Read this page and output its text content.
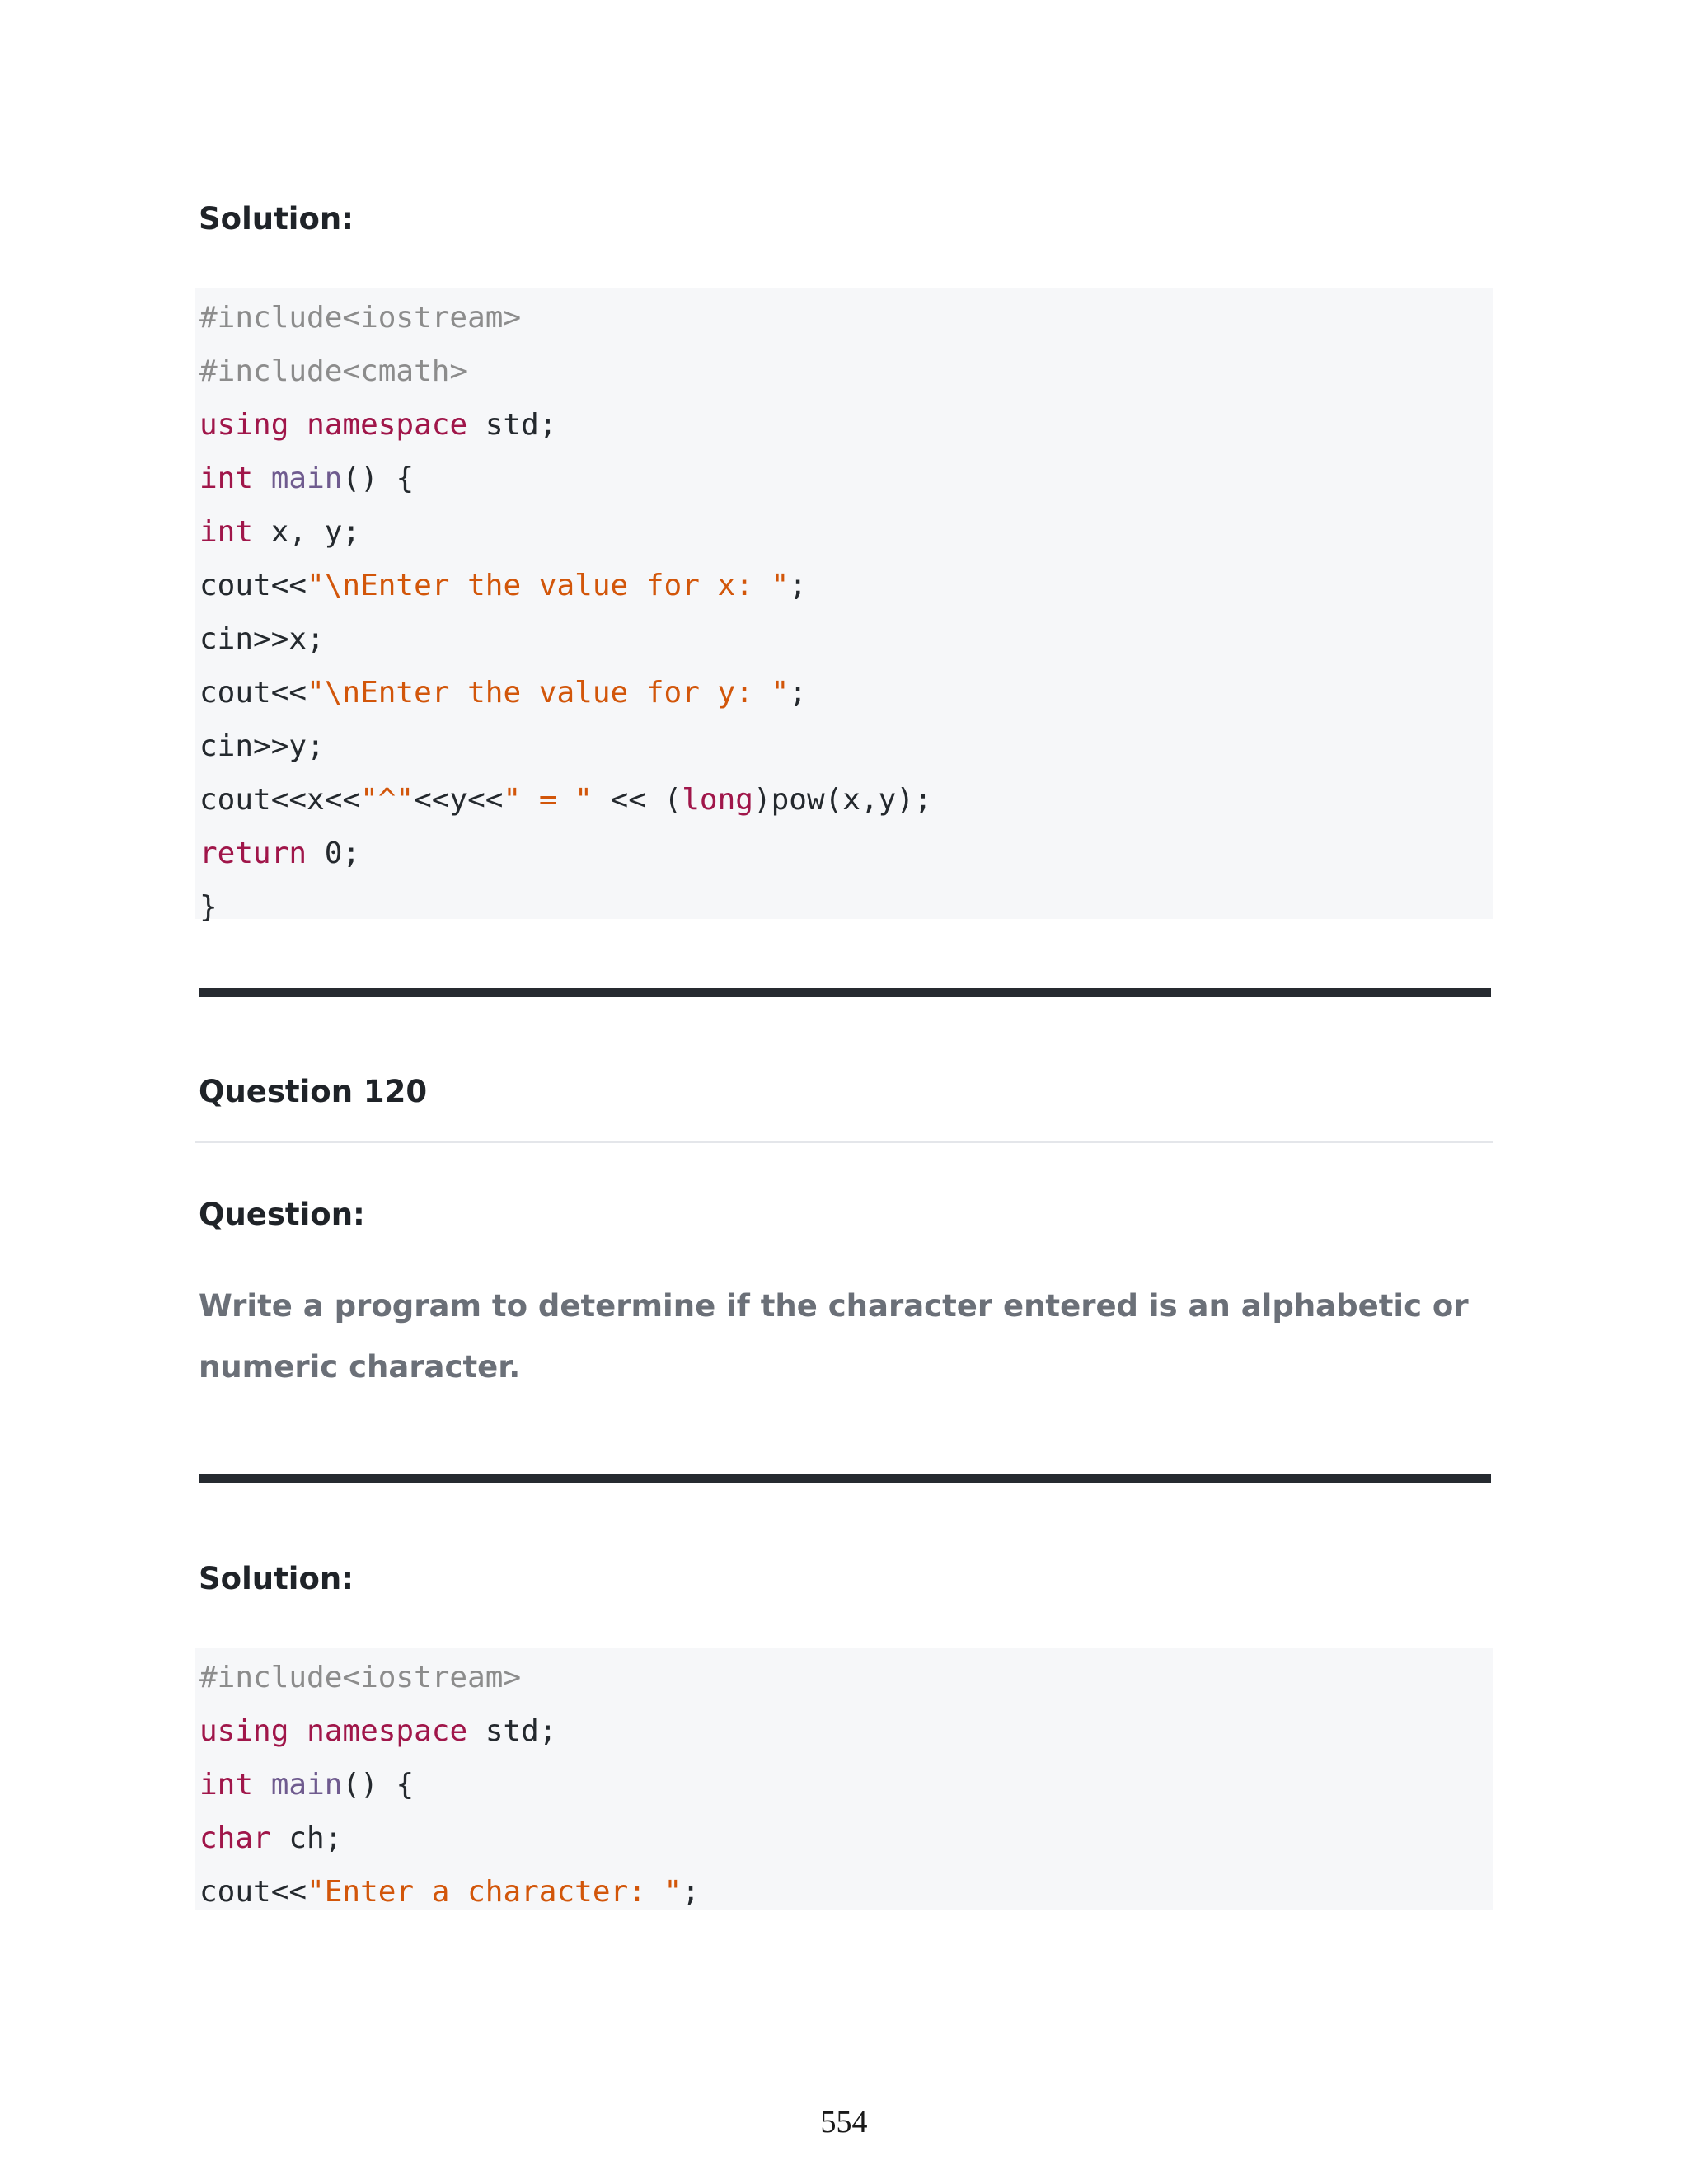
Solution:
#include<iostream>
#include<cmath>
using namespace std;
int main() {
int x, y;
cout<<"\nEnter the value for x: ";
cin>>x;
cout<<"\nEnter the value for y: ";
cin>>y;
cout<<x<<"^"<<y<<" = " << (long)pow(x,y);
return 0;
}
Question 120
Question:

Write a program to determine if the character entered is an alphabetic or numeric character.

Solution:
#include<iostream>
using namespace std;
int main() {
char ch;
cout<<"Enter a character: ";
554
